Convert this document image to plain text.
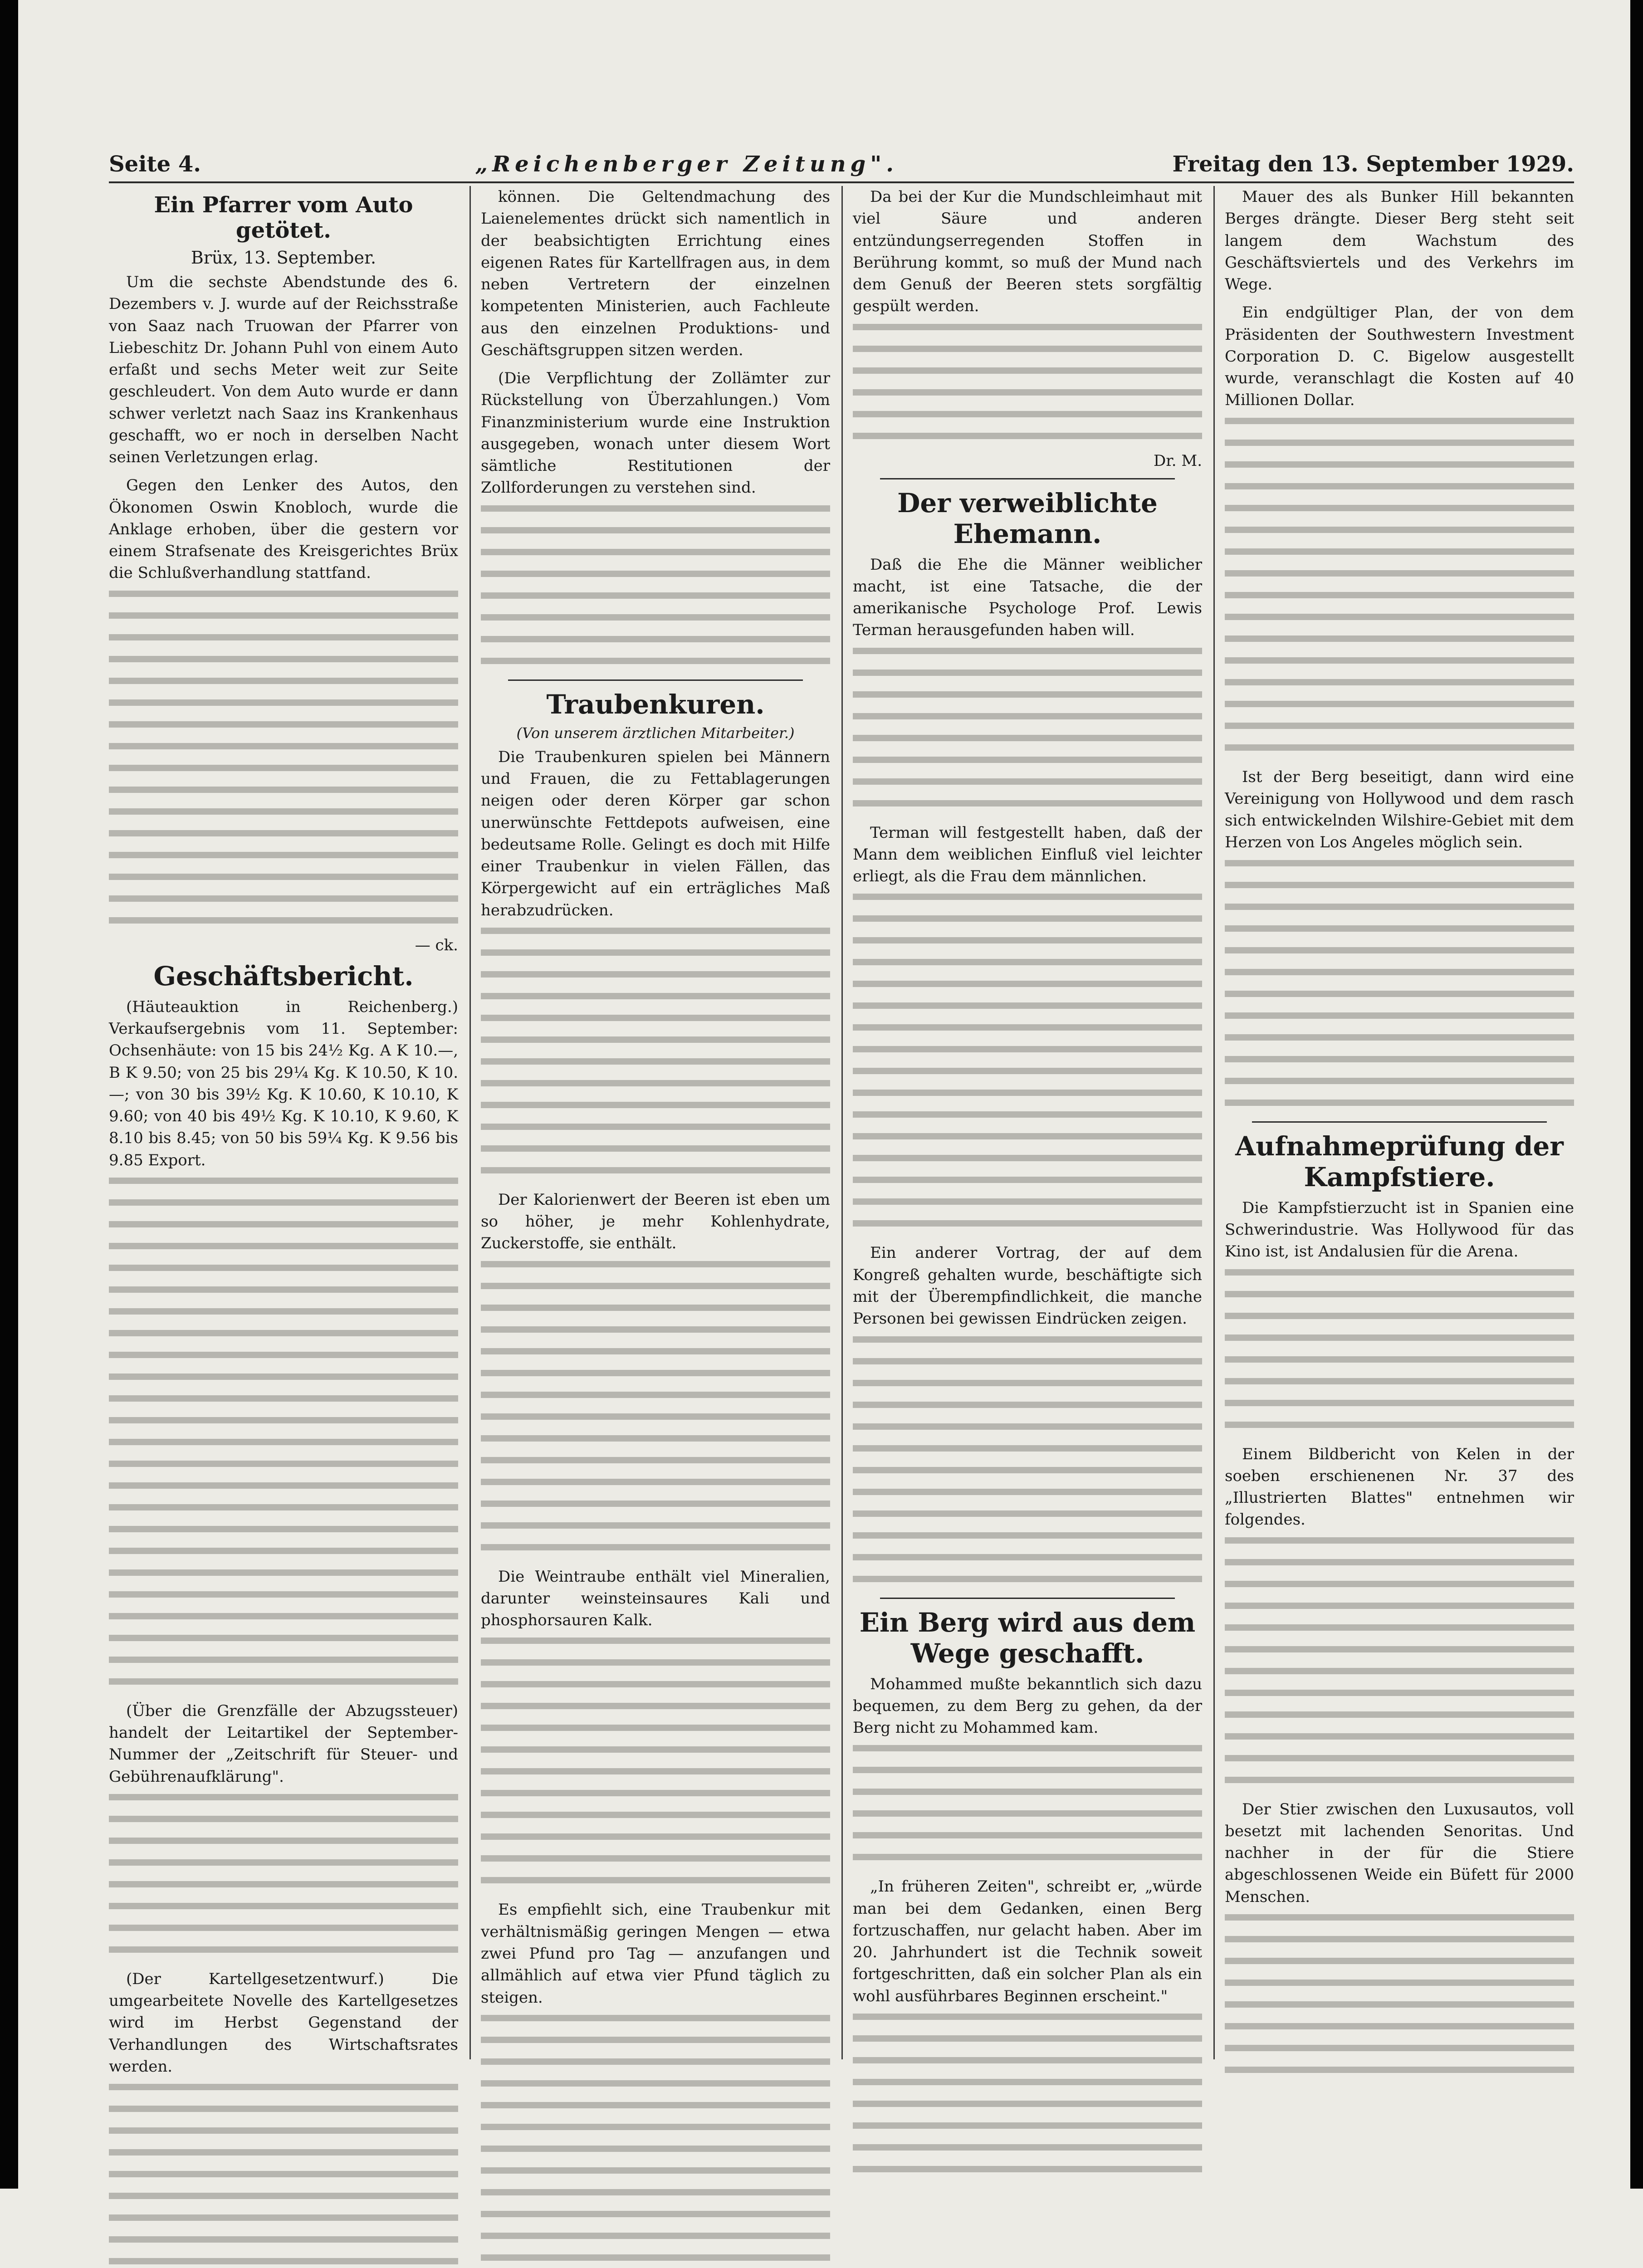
Seite 4.	„Reichenberger Zeitung".	Freitag den 13. September 1929.
Ein Pfarrer vom Auto getötet.
Brüx, 13. September.

Um die sechste Abendstunde des 6. Dezembers v. J. wurde auf der Reichsstraße von Saaz nach Truowan der Pfarrer von Liebeschitz Dr. Johann Puhl von einem Auto erfaßt und sechs Meter weit zur Seite geschleudert. Von dem Auto wurde er dann schwer verletzt nach Saaz ins Krankenhaus geschafft, wo er noch in derselben Nacht seinen Verletzungen erlag.

Gegen den Lenker des Autos, den Ökonomen Oswin Knobloch, wurde die Anklage erhoben, über die gestern vor einem Strafsenate des Kreisgerichtes Brüx die Schlußverhandlung stattfand.

— ck.
Geschäftsbericht.

(Häuteauktion in Reichenberg.) Verkaufsergebnis vom 11. September: Ochsenhäute: von 15 bis 24½ Kg. A K 10.—, B K 9.50; von 25 bis 29¼ Kg. K 10.50, K 10.—; von 30 bis 39½ Kg. K 10.60, K 10.10, K 9.60; von 40 bis 49½ Kg. K 10.10, K 9.60, K 8.10 bis 8.45; von 50 bis 59¼ Kg. K 9.56 bis 9.85 Export.

(Über die Grenzfälle der Abzugssteuer) handelt der Leitartikel der September-Nummer der „Zeitschrift für Steuer- und Gebührenaufklärung".

(Der Kartellgesetzentwurf.) Die umgearbeitete Novelle des Kartellgesetzes wird im Herbst Gegenstand der Verhandlungen des Wirtschaftsrates werden.

können. Die Geltendmachung des Laienelementes drückt sich namentlich in der beabsichtigten Errichtung eines eigenen Rates für Kartellfragen aus, in dem neben Vertretern der einzelnen kompetenten Ministerien, auch Fachleute aus den einzelnen Produktions- und Geschäftsgruppen sitzen werden.

(Die Verpflichtung der Zollämter zur Rückstellung von Überzahlungen.) Vom Finanzministerium wurde eine Instruktion ausgegeben, wonach unter diesem Wort sämtliche Restitutionen der Zollforderungen zu verstehen sind.

Traubenkuren.
(Von unserem ärztlichen Mitarbeiter.)

Die Traubenkuren spielen bei Männern und Frauen, die zu Fettablagerungen neigen oder deren Körper gar schon unerwünschte Fettdepots aufweisen, eine bedeutsame Rolle. Gelingt es doch mit Hilfe einer Traubenkur in vielen Fällen, das Körpergewicht auf ein erträgliches Maß herabzudrücken.

Der Kalorienwert der Beeren ist eben um so höher, je mehr Kohlenhydrate, Zuckerstoffe, sie enthält.

Die Weintraube enthält viel Mineralien, darunter weinsteinsaures Kali und phosphorsauren Kalk.

Es empfiehlt sich, eine Traubenkur mit verhältnismäßig geringen Mengen — etwa zwei Pfund pro Tag — anzufangen und allmählich auf etwa vier Pfund täglich zu steigen.

Da bei der Kur die Mundschleimhaut mit viel Säure und anderen entzündungserregenden Stoffen in Berührung kommt, so muß der Mund nach dem Genuß der Beeren stets sorgfältig gespült werden.

Dr. M.
Der verweiblichte Ehemann.

Daß die Ehe die Männer weiblicher macht, ist eine Tatsache, die der amerikanische Psychologe Prof. Lewis Terman herausgefunden haben will.

Terman will festgestellt haben, daß der Mann dem weiblichen Einfluß viel leichter erliegt, als die Frau dem männlichen.

Ein anderer Vortrag, der auf dem Kongreß gehalten wurde, beschäftigte sich mit der Überempfindlichkeit, die manche Personen bei gewissen Eindrücken zeigen.

Ein Berg wird aus dem Wege geschafft.

Mohammed mußte bekanntlich sich dazu bequemen, zu dem Berg zu gehen, da der Berg nicht zu Mohammed kam.

„In früheren Zeiten", schreibt er, „würde man bei dem Gedanken, einen Berg fortzuschaffen, nur gelacht haben. Aber im 20. Jahrhundert ist die Technik soweit fortgeschritten, daß ein solcher Plan als ein wohl ausführbares Beginnen erscheint."

Mauer des als Bunker Hill bekannten Berges drängte. Dieser Berg steht seit langem dem Wachstum des Geschäftsviertels und des Verkehrs im Wege.

Ein endgültiger Plan, der von dem Präsidenten der Southwestern Investment Corporation D. C. Bigelow ausgestellt wurde, veranschlagt die Kosten auf 40 Millionen Dollar.

Ist der Berg beseitigt, dann wird eine Vereinigung von Hollywood und dem rasch sich entwickelnden Wilshire-Gebiet mit dem Herzen von Los Angeles möglich sein.

Aufnahmeprüfung der Kampfstiere.

Die Kampfstierzucht ist in Spanien eine Schwerindustrie. Was Hollywood für das Kino ist, ist Andalusien für die Arena.

Einem Bildbericht von Kelen in der soeben erschienenen Nr. 37 des „Illustrierten Blattes" entnehmen wir folgendes.

Der Stier zwischen den Luxusautos, voll besetzt mit lachenden Senoritas. Und nachher in der für die Stiere abgeschlossenen Weide ein Büfett für 2000 Menschen.
